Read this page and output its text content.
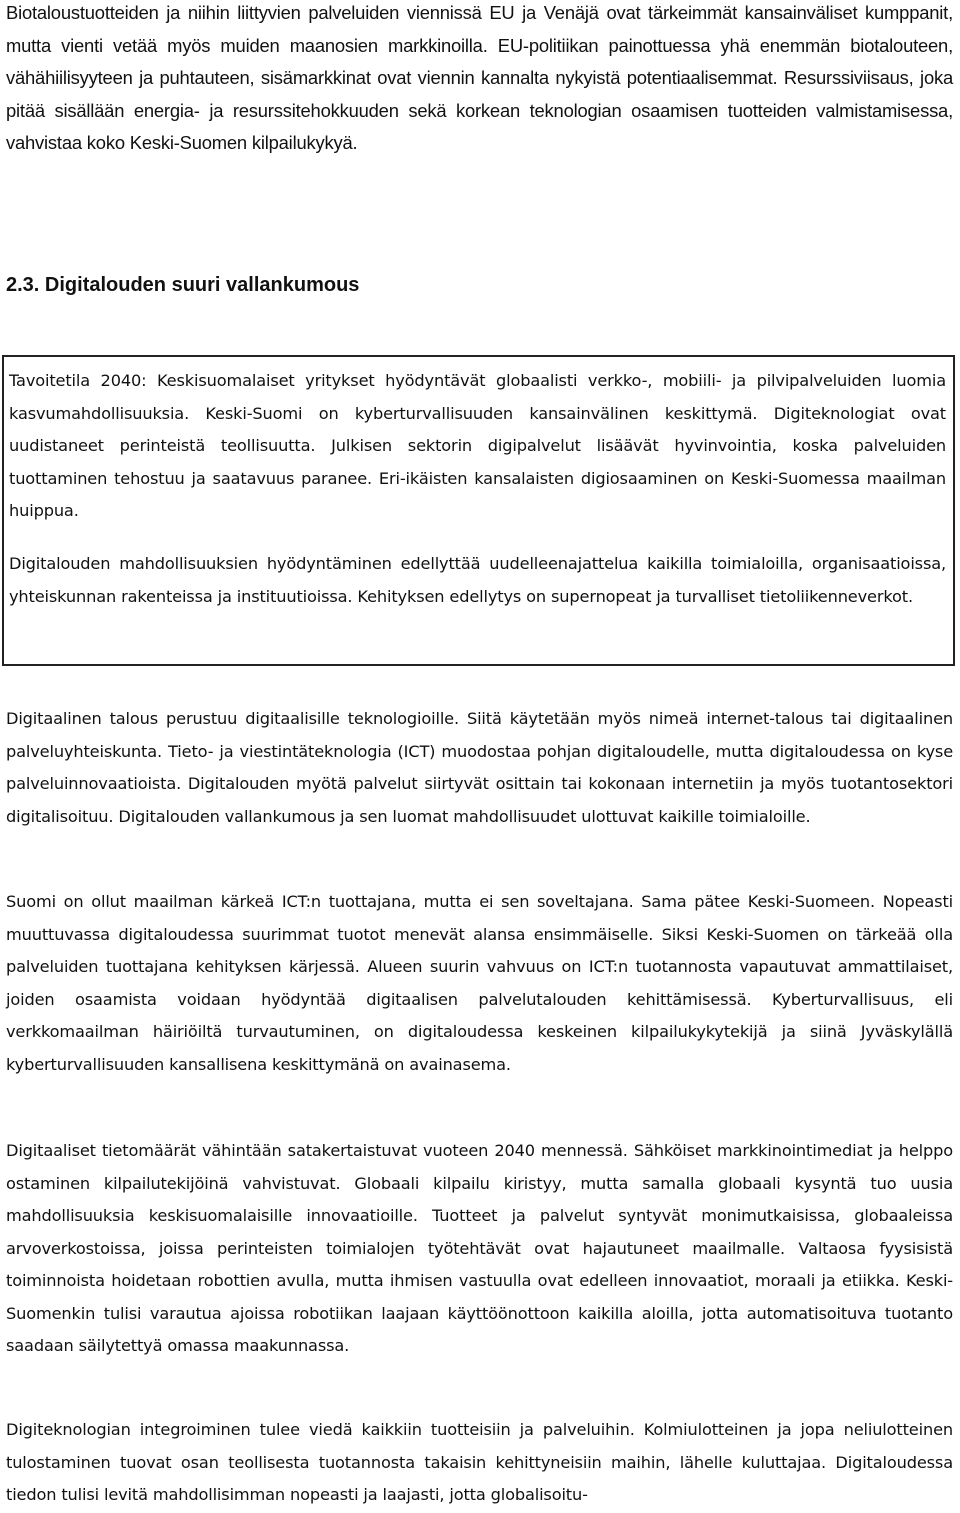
Biotaloustuotteiden ja niihin liittyvien palveluiden viennissä EU ja Venäjä ovat tärkeimmät kansainväliset kumppanit, mutta vienti vetää myös muiden maanosien markkinoilla. EU-politiikan painottuessa yhä enemmän biotalouteen, vähähiilisyyteen ja puhtauteen, sisämarkkinat ovat viennin kannalta nykyistä potentiaalisemmat. Resurssiviisaus, joka pitää sisällään energia- ja resurssitehokkuuden sekä korkean teknologian osaamisen tuotteiden valmistamisessa, vahvistaa koko Keski-Suomen kilpailukykyä.

2.3. Digitalouden suuri vallankumous

Tavoitetila 2040: Keskisuomalaiset yritykset hyödyntävät globaalisti verkko-, mobiili- ja pilvipalveluiden luomia kasvumahdollisuuksia. Keski-Suomi on kyberturvallisuuden kansainvälinen keskittymä. Digiteknologiat ovat uudistaneet perinteistä teollisuutta. Julkisen sektorin digipalvelut lisäävät hyvinvointia, koska palveluiden tuottaminen tehostuu ja saatavuus paranee. Eri-ikäisten kansalaisten digiosaaminen on Keski-Suomessa maailman huippua.

Digitalouden mahdollisuuksien hyödyntäminen edellyttää uudelleenajattelua kaikilla toimialoilla, organisaatioissa, yhteiskunnan rakenteissa ja instituutioissa. Kehityksen edellytys on supernopeat ja turvalliset tietoliikenneverkot.

Digitaalinen talous perustuu digitaalisille teknologioille. Siitä käytetään myös nimeä internet-talous tai digitaalinen palveluyhteiskunta. Tieto- ja viestintäteknologia (ICT) muodostaa pohjan digitaloudelle, mutta digitaloudessa on kyse palveluinnovaatioista. Digitalouden myötä palvelut siirtyvät osittain tai kokonaan internetiin ja myös tuotantosektori digitalisoituu. Digitalouden vallankumous ja sen luomat mahdollisuudet ulottuvat kaikille toimialoille.

Suomi on ollut maailman kärkeä ICT:n tuottajana, mutta ei sen soveltajana. Sama pätee Keski-Suomeen. Nopeasti muuttuvassa digitaloudessa suurimmat tuotot menevät alansa ensimmäiselle. Siksi Keski-Suomen on tärkeää olla palveluiden tuottajana kehityksen kärjessä. Alueen suurin vahvuus on ICT:n tuotannosta vapautuvat ammattilaiset, joiden osaamista voidaan hyödyntää digitaalisen palvelutalouden kehittämisessä. Kyberturvallisuus, eli verkkomaailman häiriöiltä turvautuminen, on digitaloudessa keskeinen kilpailukykytekijä ja siinä Jyväskylällä kyberturvallisuuden kansallisena keskittymänä on avainasema.

Digitaaliset tietomäärät vähintään satakertaistuvat vuoteen 2040 mennessä. Sähköiset markkinointimediat ja helppo ostaminen kilpailutekijöinä vahvistuvat. Globaali kilpailu kiristyy, mutta samalla globaali kysyntä tuo uusia mahdollisuuksia keskisuomalaisille innovaatioille. Tuotteet ja palvelut syntyvät monimutkaisissa, globaaleissa arvoverkostoissa, joissa perinteisten toimialojen työtehtävät ovat hajautuneet maailmalle. Valtaosa fyysisistä toiminnoista hoidetaan robottien avulla, mutta ihmisen vastuulla ovat edelleen innovaatiot, moraali ja etiikka. Keski-Suomenkin tulisi varautua ajoissa robotiikan laajaan käyttöönottoon kaikilla aloilla, jotta automatisoituva tuotanto saadaan säilytettyä omassa maakunnassa.

Digiteknologian integroiminen tulee viedä kaikkiin tuotteisiin ja palveluihin. Kolmiulotteinen ja jopa neliulotteinen tulostaminen tuovat osan teollisesta tuotannosta takaisin kehittyneisiin maihin, lähelle kuluttajaa. Digitaloudessa tiedon tulisi levitä mahdollisimman nopeasti ja laajasti, jotta globalisoitu-
